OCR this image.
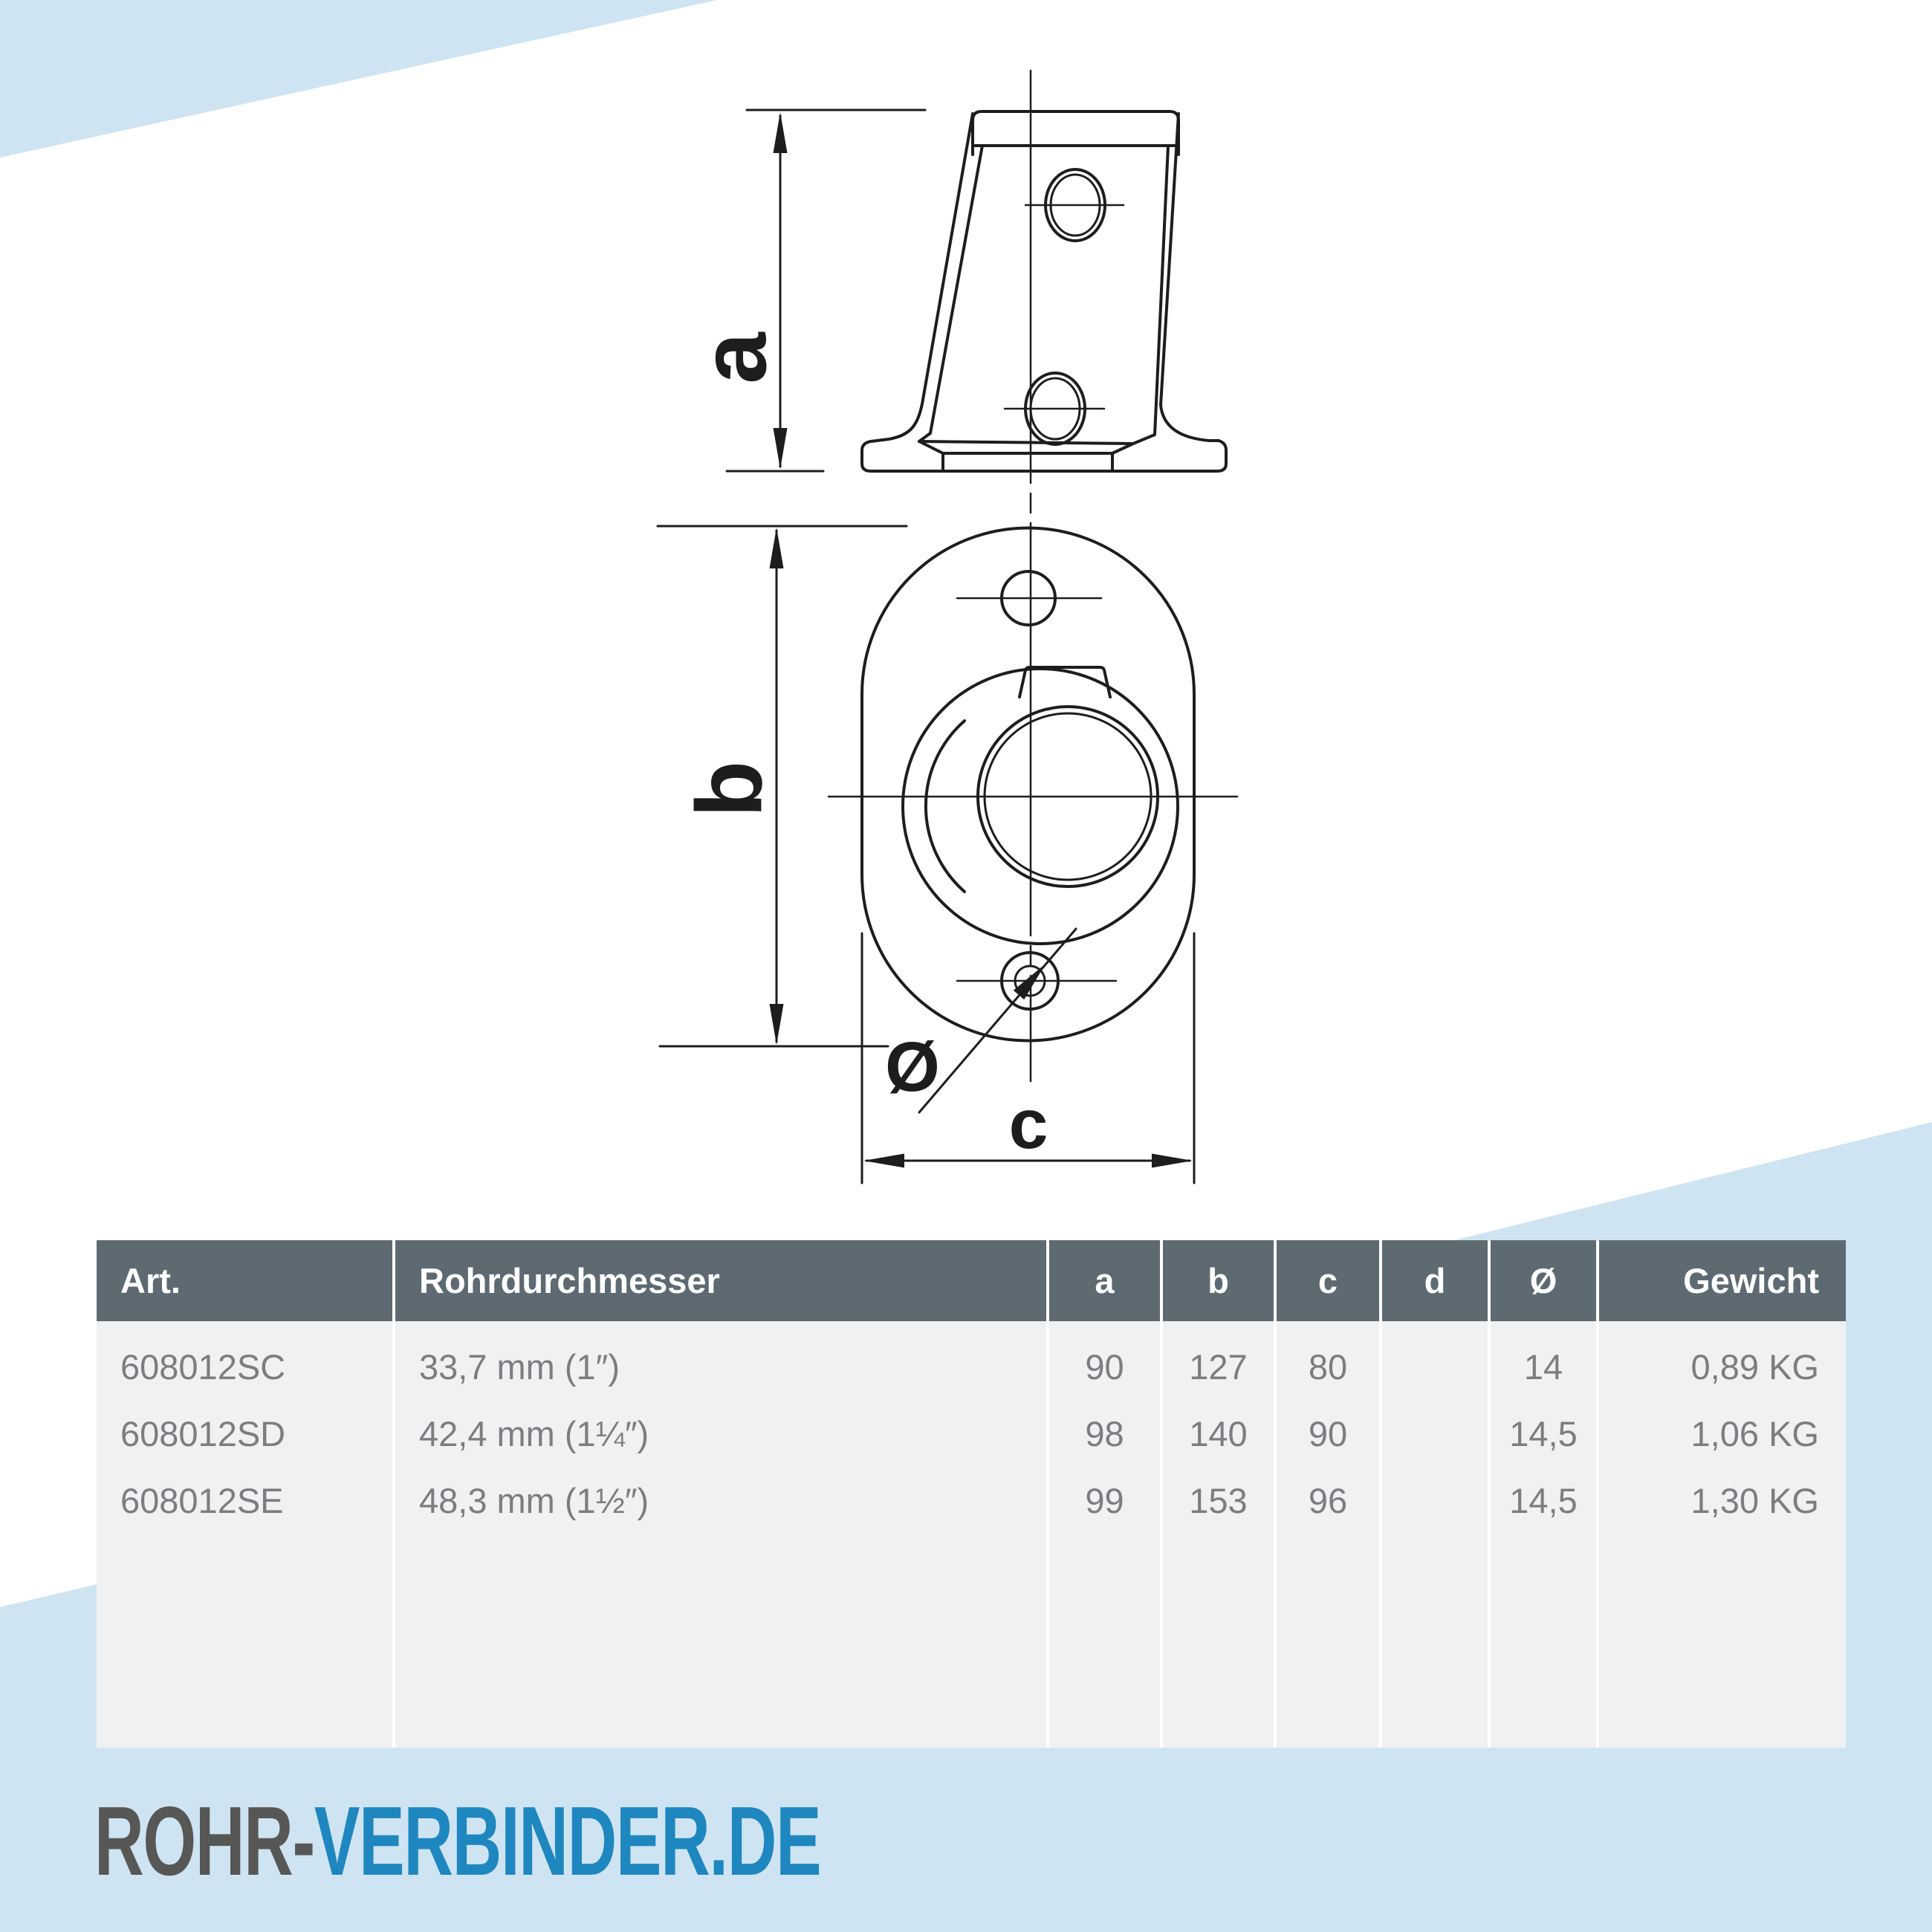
a
b
c
Ø
Art.
608012SC
608012SD
608012SE
Rohrdurchmesser
33,7 mm (1″)
42,4 mm (1¼″)
48,3 mm (1½″)
a
90
98
99
b
127
140
153
c
80
90
96
d	Ø
14
14,5
14,5
Gewicht
0,89 KG
1,06 KG
1,30 KG
ROHR-VERBINDER.DE
